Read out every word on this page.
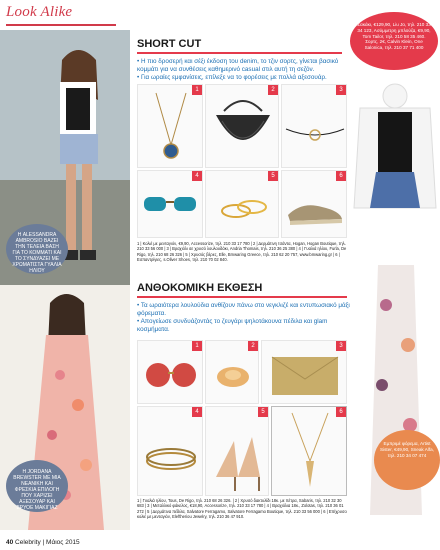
Look Alike
Η ALESSANDRA AMBROSIO ΒΑΖΕΙ ΤΗΝ ΤΕΛΕΙΑ ΒΑΣΗ ΓΙΑ ΤΟ ΚΟΜΜΑΤΙ ΚΑΙ ΤΟ ΣΥΝΔΥΑΖΕΙ ΜΕ ΧΡΩΜΑΤΙΣΤΑ ΓΥΑΛΙΑ ΗΛΙΟΥ
Η JORDANA BREWSTER ΜΕ ΜΙΑ ΝΕΑΝΙΚΗ ΚΑΙ ΦΡΕΣΚΙΑ ΕΠΙΛΟΓΗ ΠΟΥ ΧΑΡΙΖΕΙ ΑΞΕΣΟΥΑΡ ΚΑΙ ΒΡΥΟΕ ΜΑΚΙΓΙΑΖ
SHORT CUT
• Η πιο δροσερή και σέξι έκδοση του denim, το τζιν σορτς, γίνεται βασικό κομμάτι για να συνθέσεις καθημερινό casual στιλ αυτή τη σεζόν.
• Για ωραίες εμφανίσεις, επίλεξε να το φορέσεις με πολλά αξεσουάρ.
1	2	3
4	5	6
1 | Κολιέ με μενταγιόν, €9,90, Accessorize, τηλ. 210 33 17 780 | 2 | Δερμάτινη τσάντα, Hogan, Hogan Boutique, τηλ. 210 33 56 000 | 3 | Βραχιόλι σε χρυσό λουλουδάκι, Andria Thomais, τηλ. 210 36 25 380 | 4 | Γυαλιά ηλίου, Furla, De Rigo, τηλ. 210 68 26 326 | 5 | Χρυσός βέρες, Elle, Bmwaring Greece, τηλ. 210 62 20 757, www.bmwaring.gr | 6 | Εσπαντρίγιες, s.Oliver Shoes, τηλ. 210 70 02 840.
ΑΝΘΟΚΟΜΙΚΗ ΕΚΘΕΣΗ
• Τα ωραιότερα λουλούδια ανθίζουν πάνω στο νεγκλιζέ και εντυπωσιακό μάξι φόρεματα.
• Απογείωσε συνδυάζοντάς το ζευγάρι ψηλοτάκουνα πέδιλα και glam κοσμήματα.
1	2	3
4	5	6
1 | Γυαλιά ηλίου, Tous, De Rigo, τηλ. 210 68 26 326. | 2 | Χρυσό δακτυλίδι 18κ. με πέτρα, Sabaris, τηλ. 210 32 30 683 | 3 | Μεταλλικό φάκελος, €18,90, Accessorize, τηλ. 210 33 17 780 | 4 | Βραχιόλια 18κ., Zolotas, τηλ. 210 36 01 272 | 5 | Δερμάτινα πέδιλα, Salvatore Ferragamo, Salvatore Ferragamo Boutique, τηλ. 210 33 56 000 | 6 | Επίχρυσο κολιέ με μενταγιόν, Eleftheriou Jewelry, τηλ. 210 36 47 910.
Σακάκι, €129,90, Liu Jo, τηλ. 210 33 34 123, Ασύμμετρη μπλούζα, €9,90, Tom Tailor, τηλ. 210 58 35 460. Σορτς, 2€, Calvin Klein, One Salonica, τηλ. 210 37 71 400
Εμπριμέ φόρεμα, Artist Sister, €49,90, Sneak Alfa, τηλ. 210 34 07 474
40 Celebrity | Μάιος 2015
